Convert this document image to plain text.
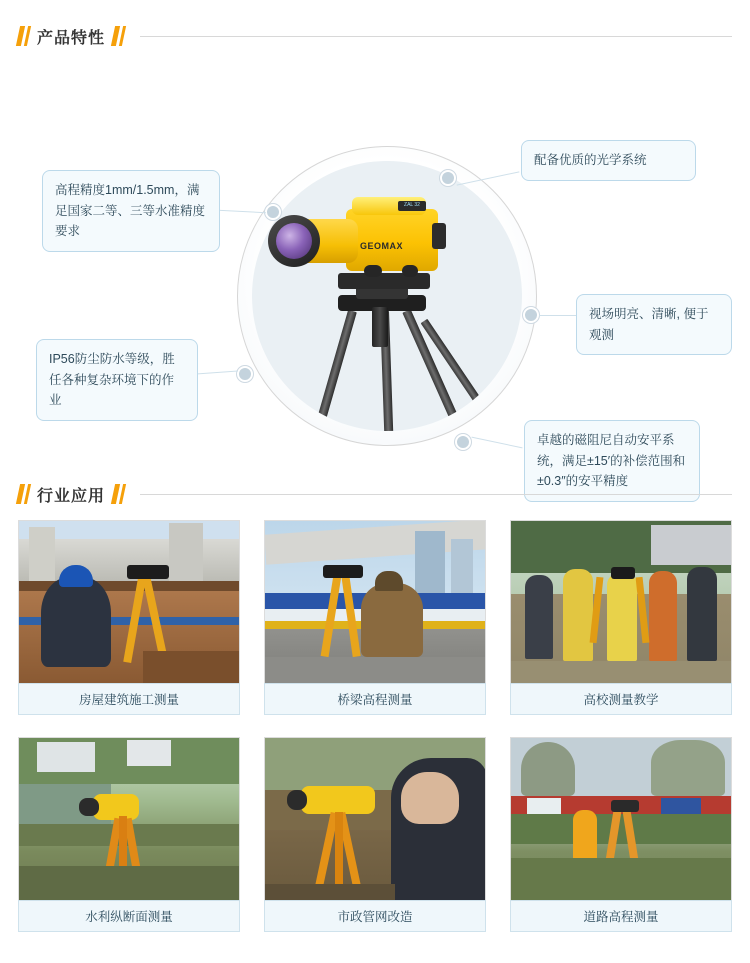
产品特性
GEOMAX
ZAL 32
配备优质的光学系统
高程精度1mm/1.5mm，满足国家二等、三等水准精度要求
视场明亮、清晰, 便于观测
IP56防尘防水等级，胜任各种复杂环境下的作业
卓越的磁阻尼自动安平系统，满足±15′的补偿范围和±0.3″的安平精度
行业应用
房屋建筑施工测量	桥梁高程测量	高校测量教学
水利纵断面测量	市政管网改造	道路高程测量
